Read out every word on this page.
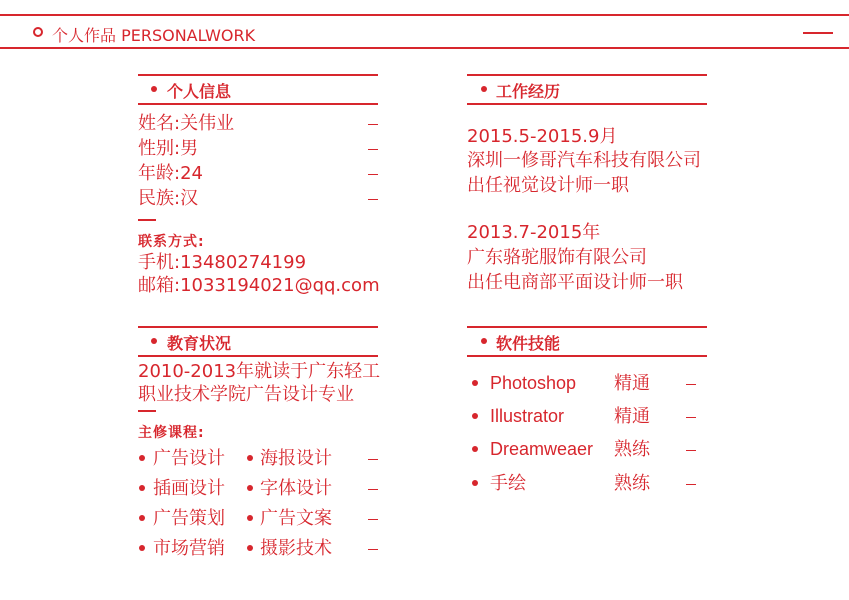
个人作品 PERSONALWORK
个人信息
姓名:关伟业
性别:男
年龄:24
民族:汉
联系方式:
手机:13480274199
邮箱:1033194021@qq.com
工作经历
2015.5-2015.9月
深圳一修哥汽车科技有限公司
出任视觉设计师一职
2013.7-2015年
广东骆驼服饰有限公司
出任电商部平面设计师一职
教育状况
2010-2013年就读于广东轻工
职业技术学院广告设计专业
主修课程:
广告设计 海报设计
插画设计 字体设计
广告策划 广告文案
市场营销 摄影技术
软件技能
Photoshop 精通
Illustrator	精通
Dreamweaer 熟练
手绘	熟练
